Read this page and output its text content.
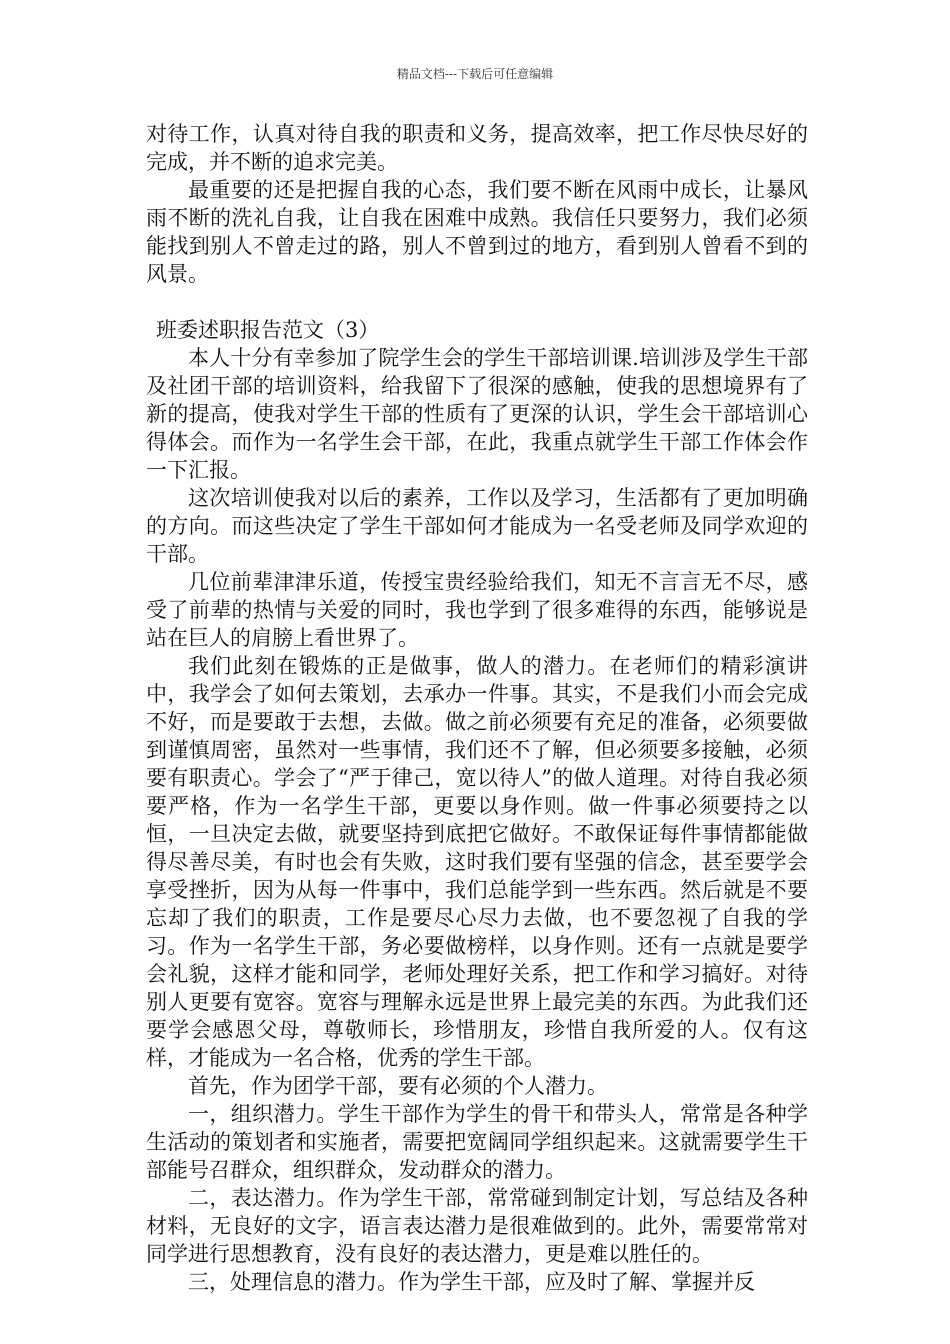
精品文档---下载后可任意编辑

对待工作，认真对待自我的职责和义务，提高效率，把工作尽快尽好的完成，并不断的追求完美。

最重要的还是把握自我的心态，我们要不断在风雨中成长，让暴风雨不断的洗礼自我，让自我在困难中成熟。我信任只要努力，我们必须能找到别人不曾走过的路，别人不曾到过的地方，看到别人曾看不到的风景。

班委述职报告范文（3）

本人十分有幸参加了院学生会的学生干部培训课.培训涉及学生干部及社团干部的培训资料，给我留下了很深的感触，使我的思想境界有了新的提高，使我对学生干部的性质有了更深的认识，学生会干部培训心得体会。而作为一名学生会干部，在此，我重点就学生干部工作体会作一下汇报。

这次培训使我对以后的素养，工作以及学习，生活都有了更加明确的方向。而这些决定了学生干部如何才能成为一名受老师及同学欢迎的干部。

几位前辈津津乐道，传授宝贵经验给我们，知无不言言无不尽，感受了前辈的热情与关爱的同时，我也学到了很多难得的东西，能够说是站在巨人的肩膀上看世界了。

我们此刻在锻炼的正是做事，做人的潜力。在老师们的精彩演讲中，我学会了如何去策划，去承办一件事。其实，不是我们小而会完成不好，而是要敢于去想，去做。做之前必须要有充足的准备，必须要做到谨慎周密，虽然对一些事情，我们还不了解，但必须要多接触，必须要有职责心。学会了“严于律己，宽以待人”的做人道理。对待自我必须要严格，作为一名学生干部，更要以身作则。做一件事必须要持之以恒，一旦决定去做，就要坚持到底把它做好。不敢保证每件事情都能做得尽善尽美，有时也会有失败，这时我们要有坚强的信念，甚至要学会享受挫折，因为从每一件事中，我们总能学到一些东西。然后就是不要忘却了我们的职责，工作是要尽心尽力去做，也不要忽视了自我的学习。作为一名学生干部，务必要做榜样，以身作则。还有一点就是要学会礼貌，这样才能和同学，老师处理好关系，把工作和学习搞好。对待别人更要有宽容。宽容与理解永远是世界上最完美的东西。为此我们还要学会感恩父母，尊敬师长，珍惜朋友，珍惜自我所爱的人。仅有这样，才能成为一名合格，优秀的学生干部。

首先，作为团学干部，要有必须的个人潜力。

一，组织潜力。学生干部作为学生的骨干和带头人，常常是各种学生活动的策划者和实施者，需要把宽阔同学组织起来。这就需要学生干部能号召群众，组织群众，发动群众的潜力。

二，表达潜力。作为学生干部，常常碰到制定计划，写总结及各种材料，无良好的文字，语言表达潜力是很难做到的。此外，需要常常对同学进行思想教育，没有良好的表达潜力，更是难以胜任的。

三，处理信息的潜力。作为学生干部，应及时了解、掌握并反
